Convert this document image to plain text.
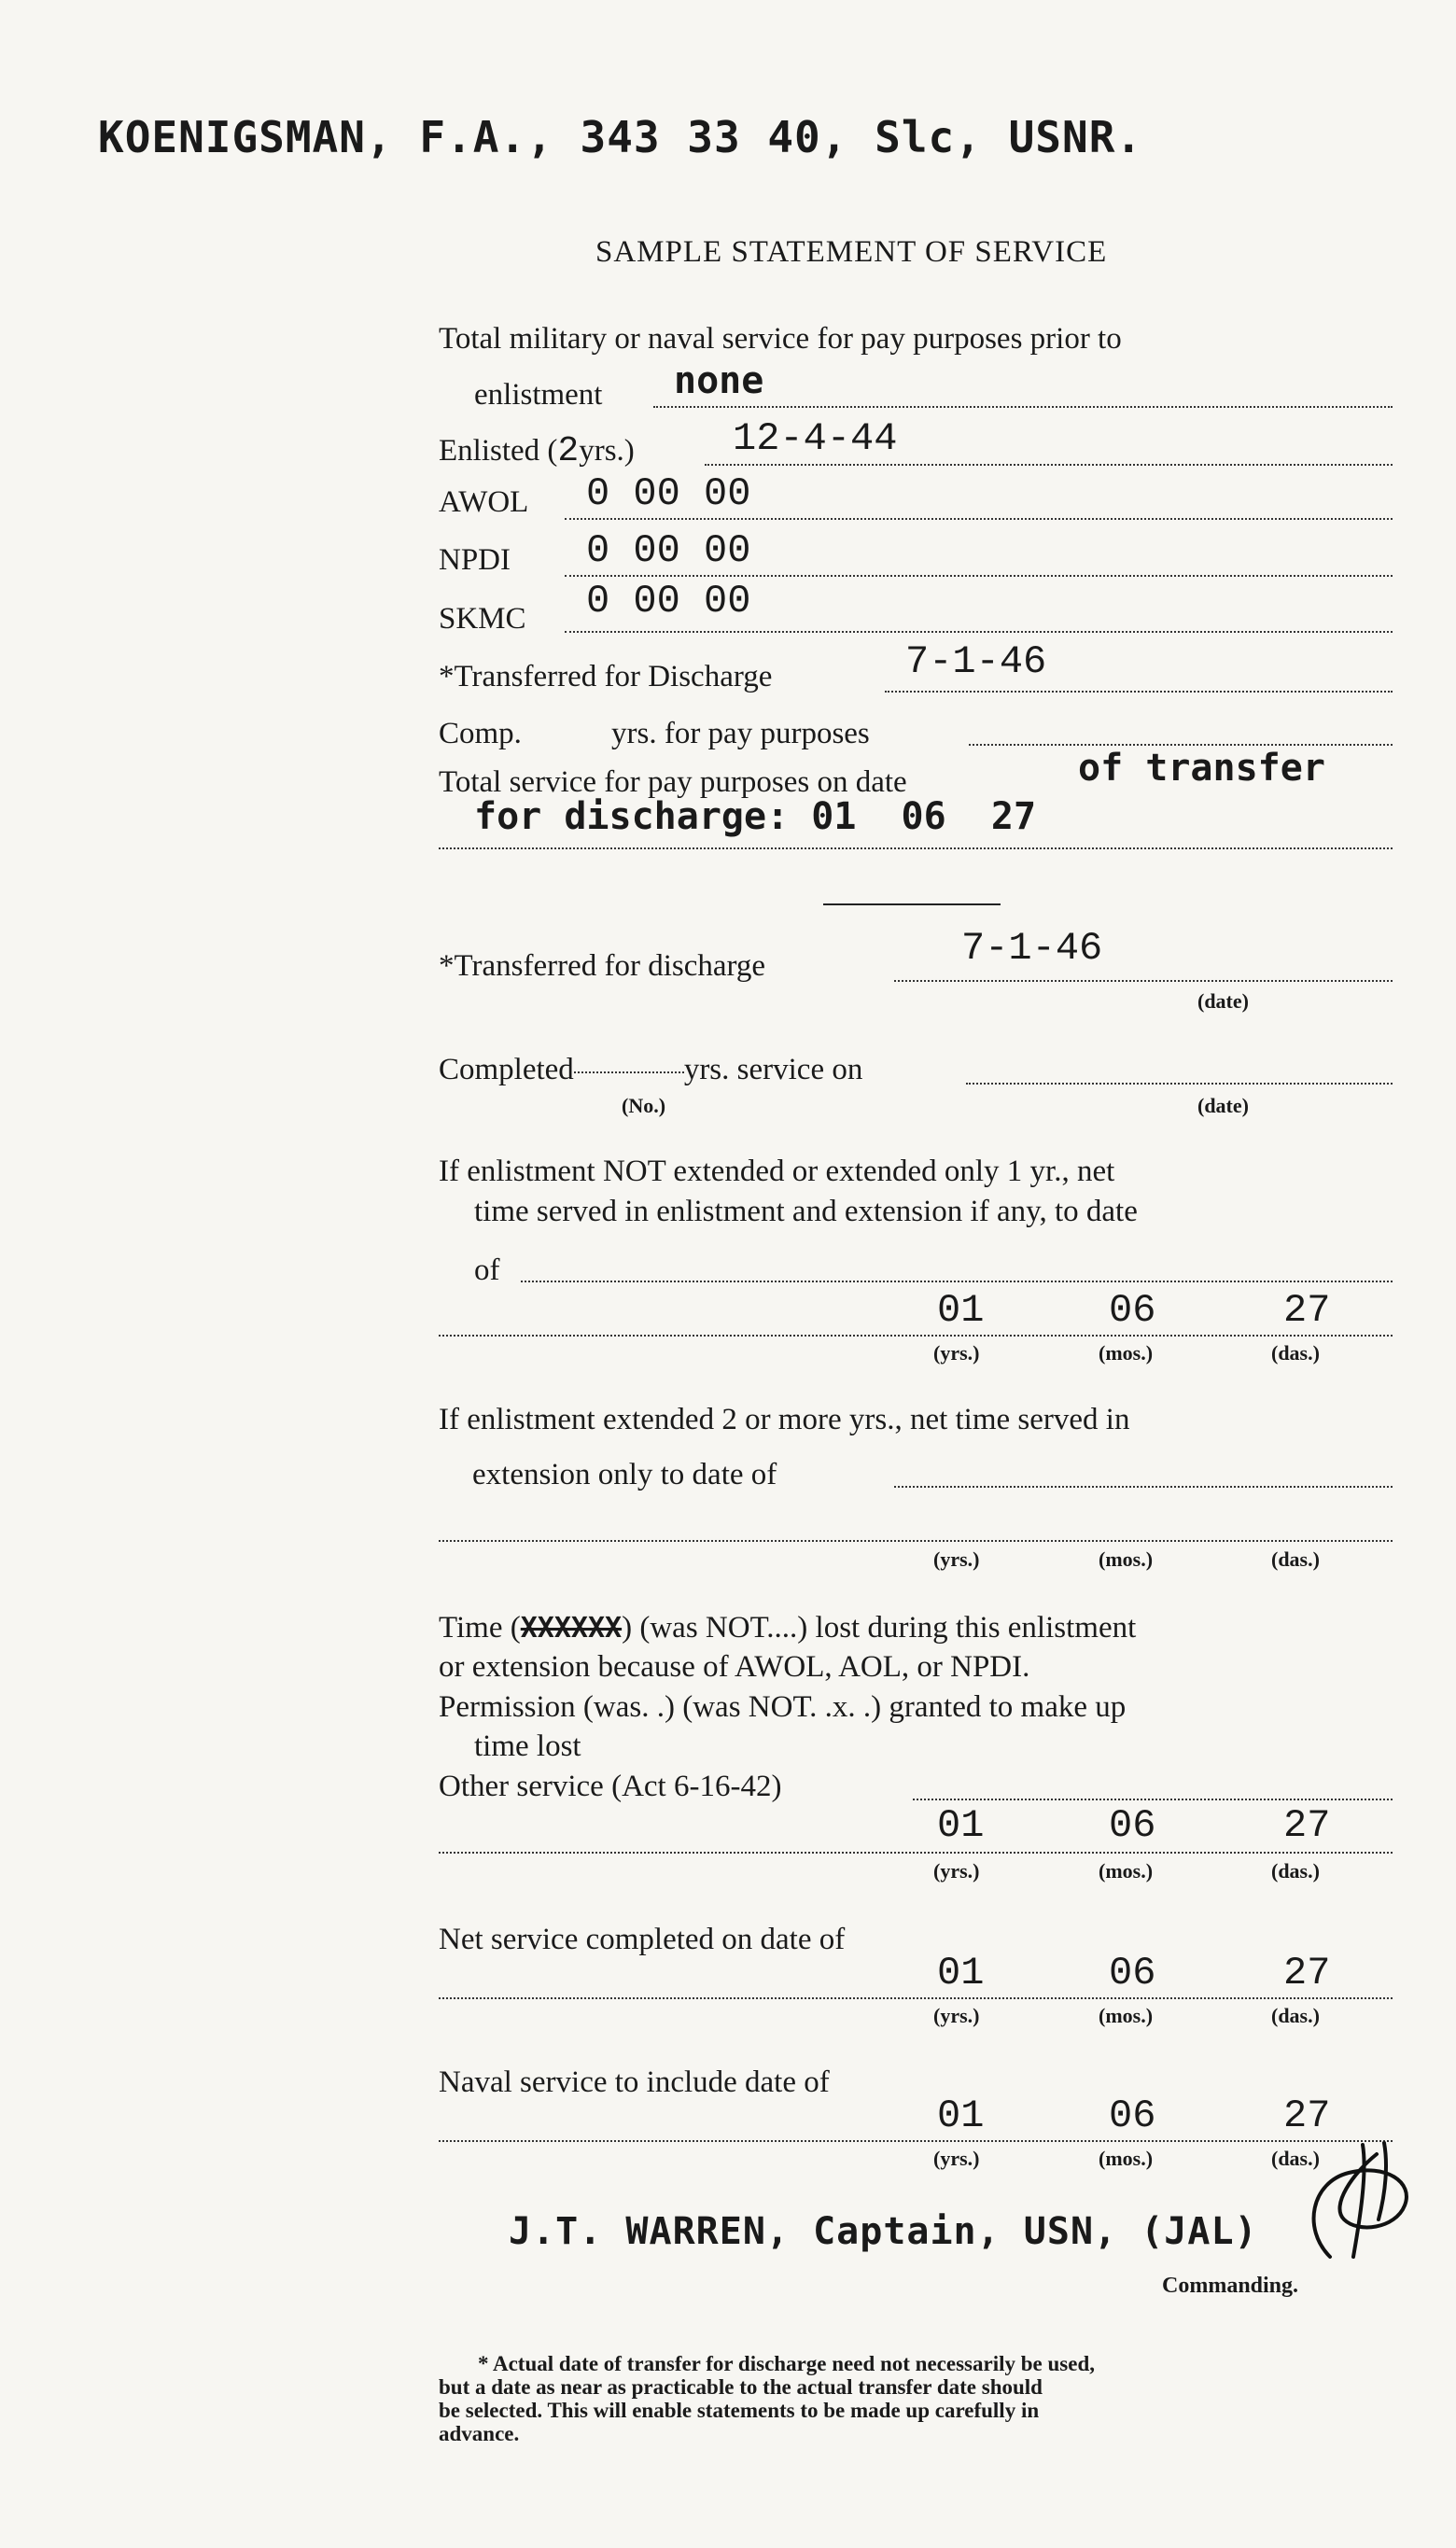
KOENIGSMAN, F.A., 343 33 40, Slc, USNR.
SAMPLE STATEMENT OF SERVICE
Total military or naval service for pay purposes prior to
enlistment none
Enlisted (2yrs.)	12-4-44
AWOL 0 00 00
NPDI 0 00 00
SKMC 0 00 00
*Transferred for Discharge	7-1-46
Comp.	yrs. for pay purposes
Total service for pay purposes on date	of transfer
for discharge: 01  06  27
*Transferred for discharge	7-1-46
(date)
Completed	yrs. service on
(No.)	(date)
If enlistment NOT extended or extended only 1 yr., net
time served in enlistment and extension if any, to date
of
01	06	27
(yrs.)	(mos.)	(das.)
If enlistment extended 2 or more yrs., net time served in
extension only to date of
(yrs.)	(mos.)	(das.)
Time (XXXXXX) (was NOT....) lost during this enlistment
or extension because of AWOL, AOL, or NPDI.
Permission (was. .) (was NOT. .x. .) granted to make up
time lost
Other service (Act 6-16-42)
01	06	27
(yrs.)	(mos.)	(das.)
Net service completed on date of
01	06	27
(yrs.)	(mos.)	(das.)
Naval service to include date of
01	06	27
(yrs.)	(mos.)	(das.)
J.T. WARREN, Captain, USN, (JAL)
Commanding.
* Actual date of transfer for discharge need not necessarily be used,
but a date as near as practicable to the actual transfer date should
be selected. This will enable statements to be made up carefully in
advance.
